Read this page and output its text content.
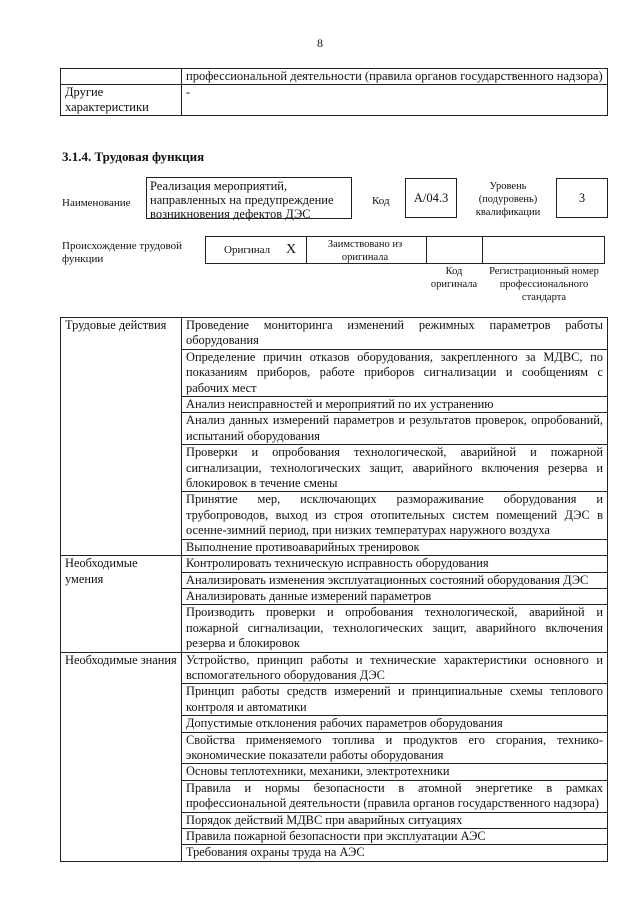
8
	профессиональной деятельности (правила органов государственного надзора)
Другие характеристики	-
3.1.4. Трудовая функция
Наименование
Реализация мероприятий, направленных на предупреждение возникновения дефектов ДЭС
Код	A/04.3
Уровень (подуровень) квалификации
3
Происхождение трудовой функции
Оригинал X	Заимствовано из оригинала
Код оригинала
Регистрационный номер профессионального стандарта
Трудовые действия	Проведение мониторинга изменений режимных параметров работы оборудования
	Определение причин отказов оборудования, закрепленного за МДВС, по показаниям приборов, работе приборов сигнализации и сообщениям с рабочих мест
	Анализ неисправностей и мероприятий по их устранению
	Анализ данных измерений параметров и результатов проверок, опробований, испытаний оборудования
	Проверки и опробования технологической, аварийной и пожарной сигнализации, технологических защит, аварийного включения резерва и блокировок в течение смены
	Принятие мер, исключающих размораживание оборудования и трубопроводов, выход из строя отопительных систем помещений ДЭС в осенне-зимний период, при низких температурах наружного воздуха
	Выполнение противоаварийных тренировок
Необходимые умения	Контролировать техническую исправность оборудования
	Анализировать изменения эксплуатационных состояний оборудования ДЭС
	Анализировать данные измерений параметров
	Производить проверки и опробования технологической, аварийной и пожарной сигнализации, технологических защит, аварийного включения резерва и блокировок
Необходимые знания	Устройство, принцип работы и технические характеристики основного и вспомогательного оборудования ДЭС
	Принцип работы средств измерений и принципиальные схемы теплового контроля и автоматики
	Допустимые отклонения рабочих параметров оборудования
	Свойства применяемого топлива и продуктов его сгорания, технико-экономические показатели работы оборудования
	Основы теплотехники, механики, электротехники
	Правила и нормы безопасности в атомной энергетике в рамках профессиональной деятельности (правила органов государственного надзора)
	Порядок действий МДВС при аварийных ситуациях
	Правила пожарной безопасности при эксплуатации АЭС
	Требования охраны труда на АЭС
